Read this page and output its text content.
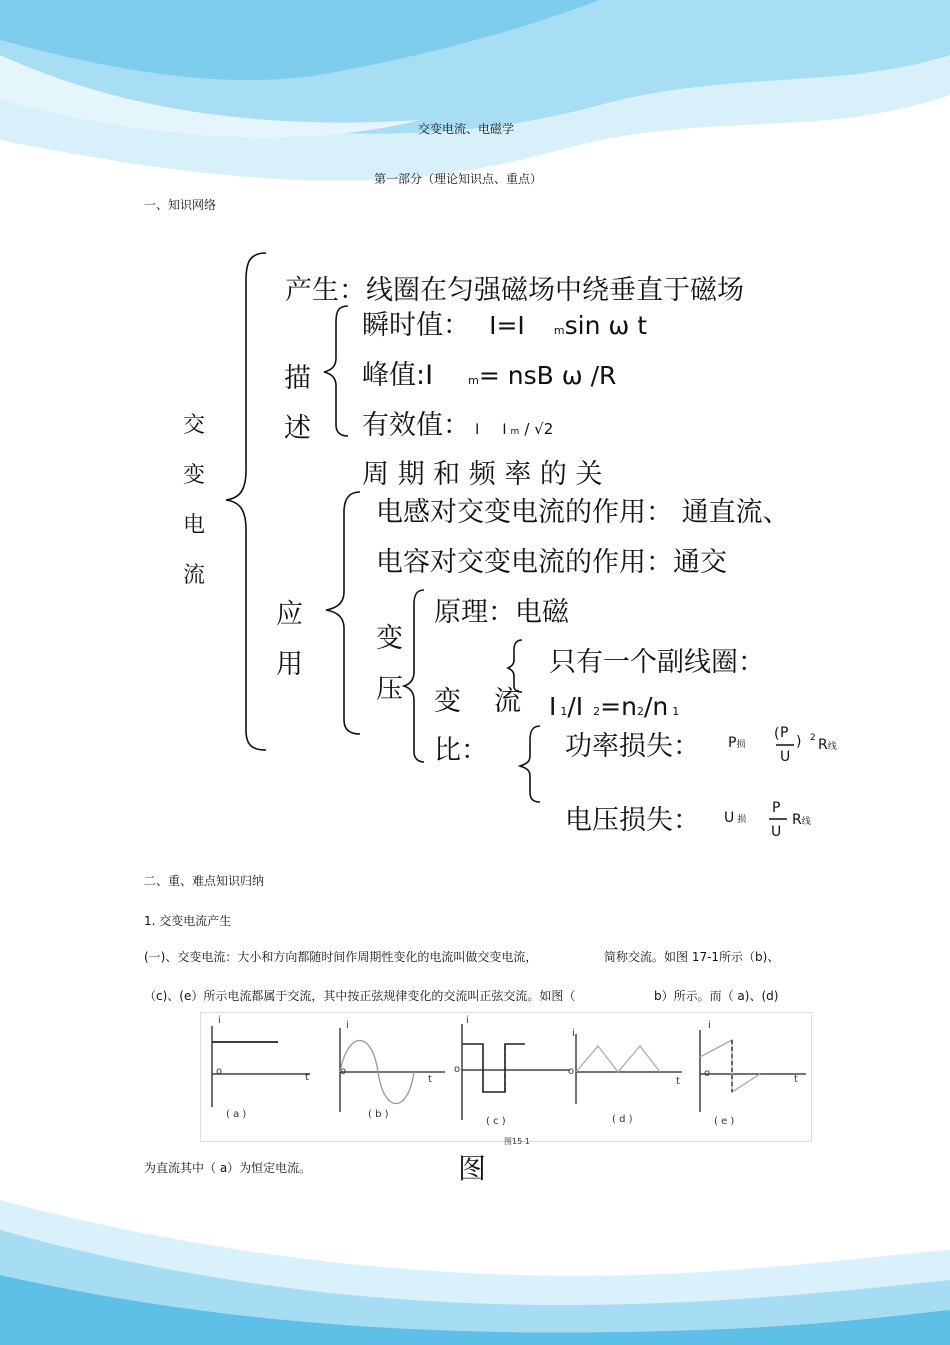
交变电流、电磁学
第一部分（理论知识点、重点）
一、知识网络
交
变
电
流
产生：线圈在匀强磁场中绕垂直于磁场
描
述
瞬时值： I=I	msin ω t
峰值:I	m= nsB ω /R
有效值： I I m / √2
周 期 和 频 率 的 关
应
用
电感对交变电流的作用： 通直流、
电容对交变电流的作用：通交
变
压
原理：电磁
变 流
比：
只有一个副线圈：
I 1/I 2=n2/n 1
功率损失： P损
( P
U
) 2 R线
电压损失： U损
P
U
R线
二、重、难点知识归纳
1. 交变电流产生
(一)、交变电流：大小和方向都随时间作周期性变化的电流叫做交变电流，	简称交流。如图 17-1所示（b)、
（c)、(e）所示电流都属于交流，其中按正弦规律变化的交流叫正弦交流。如图（	b）所示。而（ a)、(d)
i
o
t
i
o
t
i
o
i
o
t
i
o
t
( a )	( b )
( c )	( d )	( e )
图15 1
为直流其中（ a）为恒定电流。	图
